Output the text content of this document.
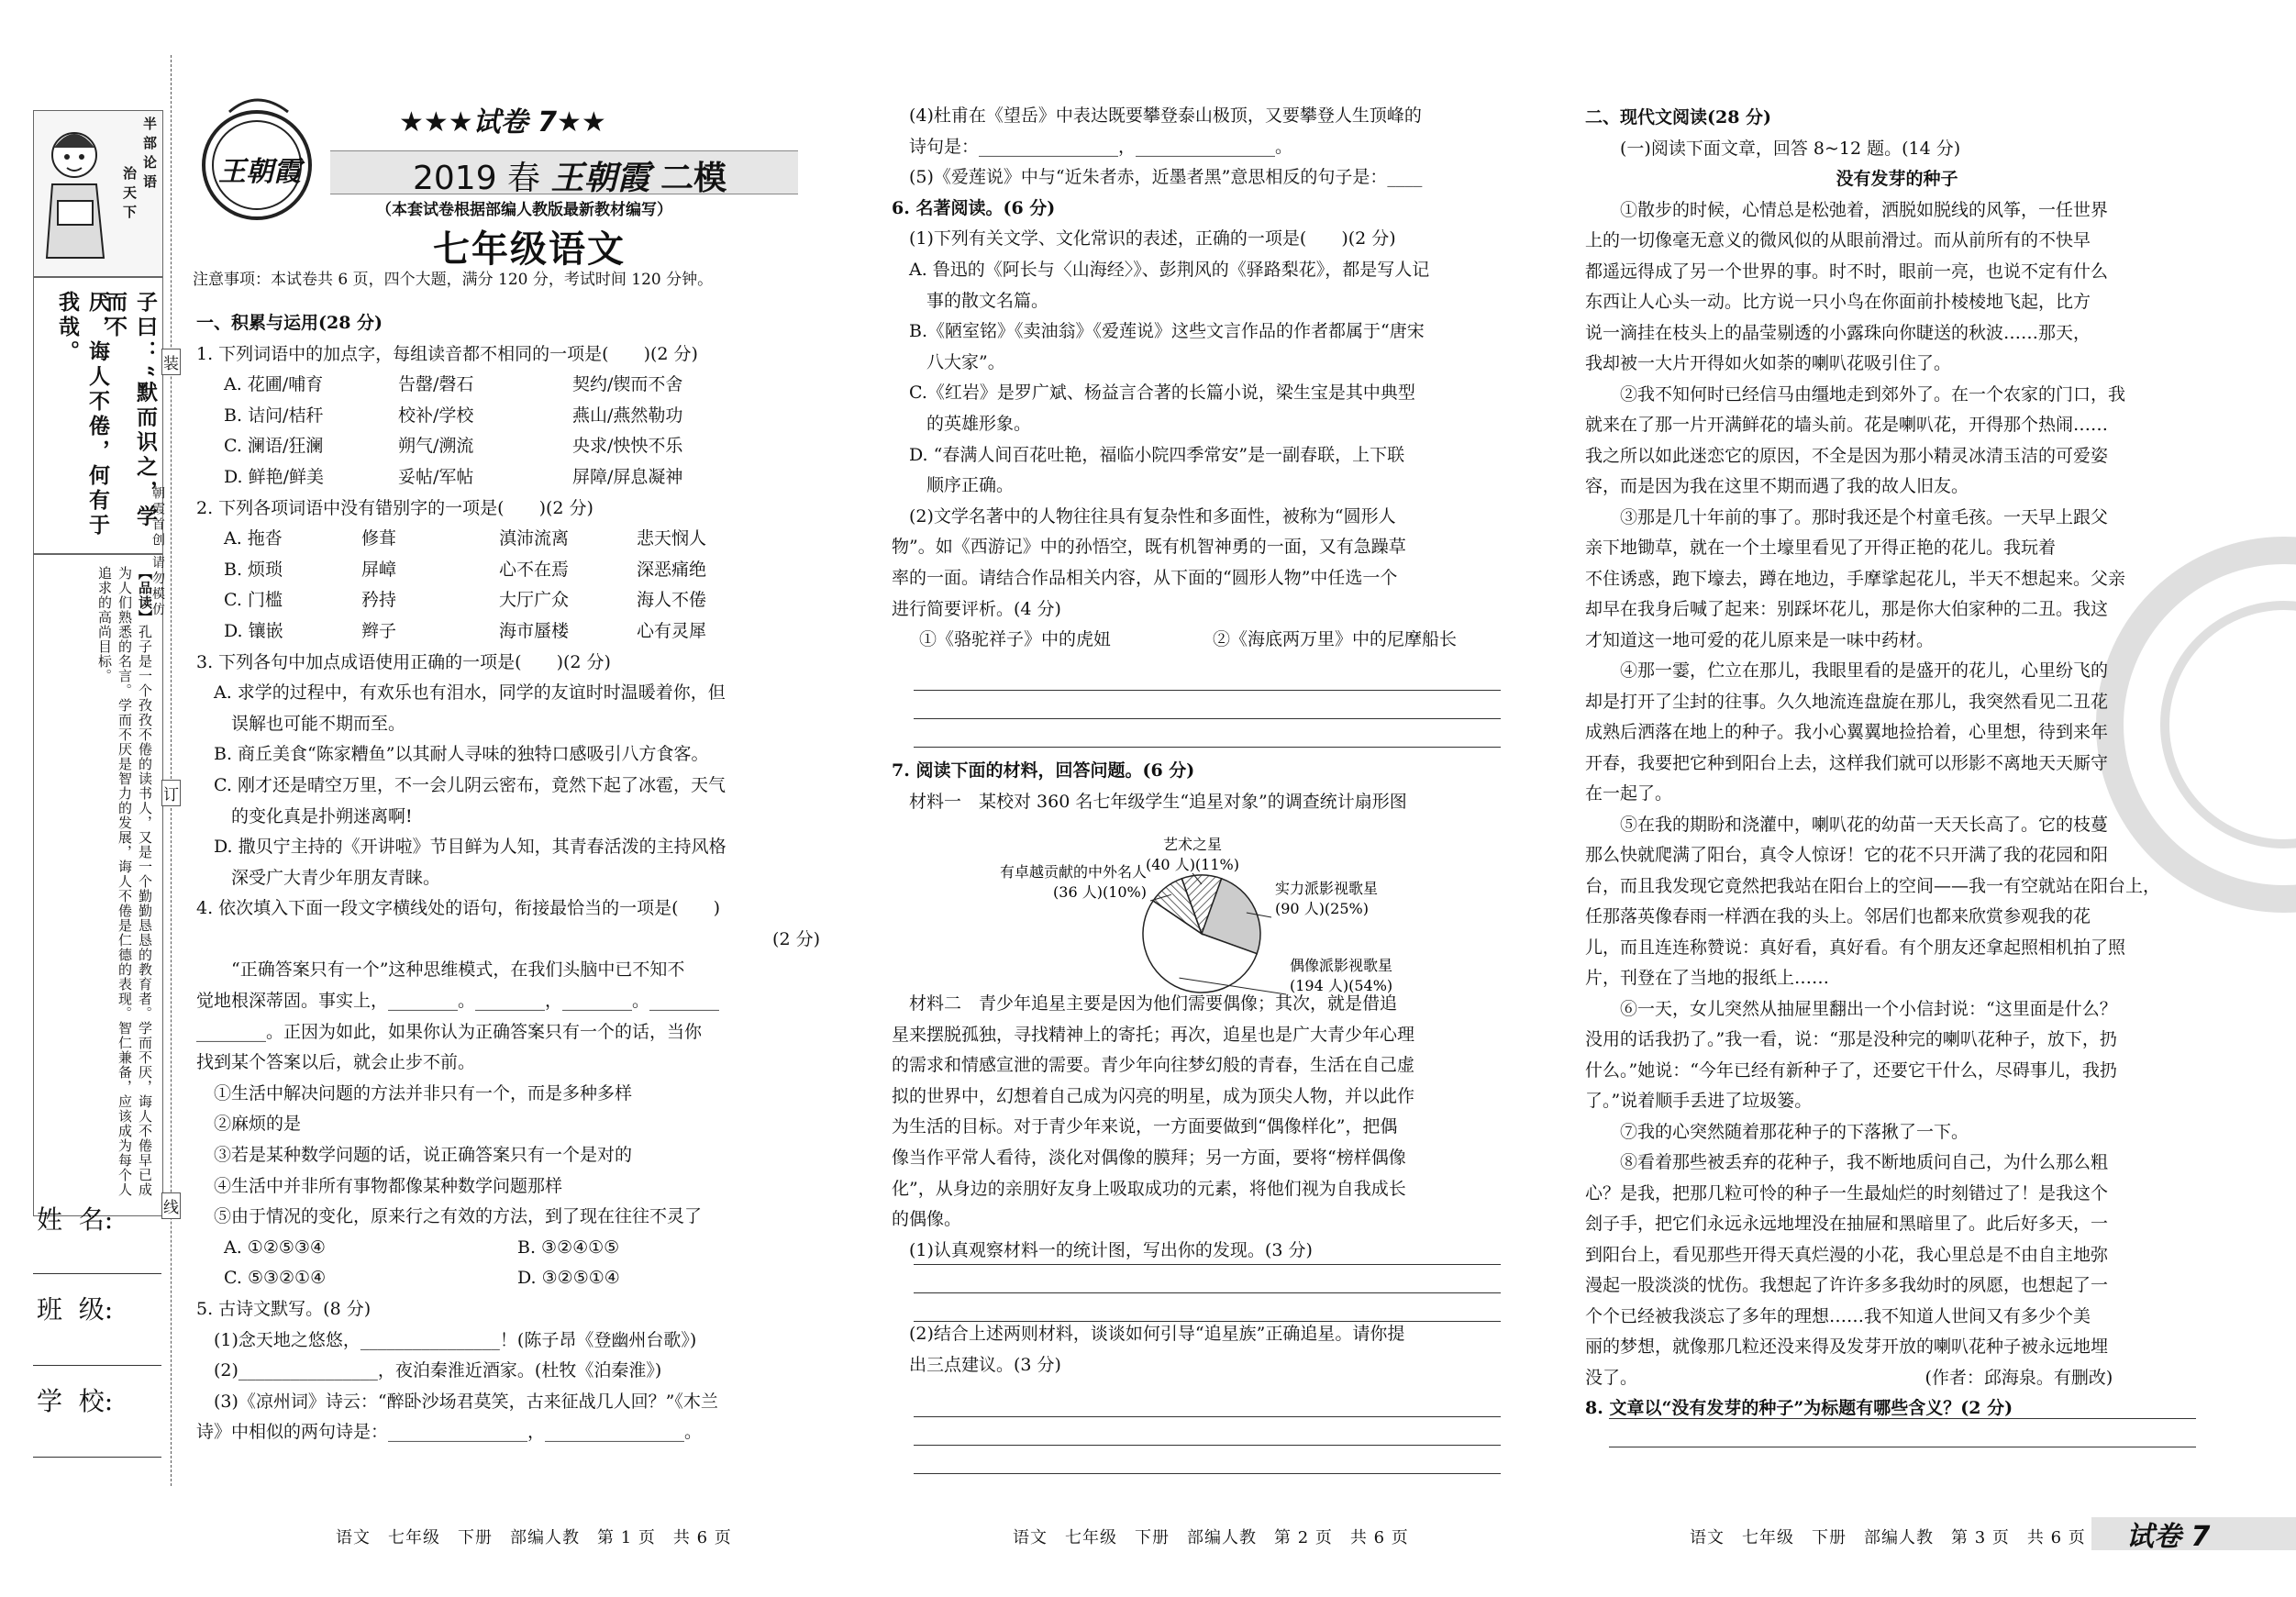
半部论语
治天下
子曰：“默而识之，学而不
厌，诲人不倦，何有于我哉。
【品读】孔子是一个孜孜不倦的读书人，又是一个勤勤恳恳的教育者。学而不厌，诲人不倦早已成为人们熟悉的名言。学而不厌是智力的发展，诲人不倦是仁德的表现。智仁兼备，应该成为每个人追求的高尚目标。
朝霞首创 请勿模仿
姓  名:
班  级:
学  校:
装
订
线
王朝霞
★★★试卷 7★★
2019 春 王朝霞 二模
（本套试卷根据部编人教版最新教材编写）
七年级语文
注意事项：本试卷共 6 页，四个大题，满分 120 分，考试时间 120 分钟。
一、积累与运用(28 分)
1. 下列词语中的加点字，每组读音都不相同的一项是(　　)(2 分)
A. 花圃/哺育	告罄/磬石	契约/锲而不舍
B. 诘问/桔秆	校补/学校	燕山/燕然勒功
C. 澜语/狂澜	朔气/溯流	央求/怏怏不乐
D. 鲜艳/鲜美	妥帖/军帖	屏障/屏息凝神
2. 下列各项词语中没有错别字的一项是(　　)(2 分)
A. 拖沓	修葺	滇沛流离	悲天悯人
B. 烦琐	屏嶂	心不在焉	深恶痛绝
C. 门槛	矜持	大厅广众	海人不倦
D. 镶嵌	辫子	海市蜃楼	心有灵犀
3. 下列各句中加点成语使用正确的一项是(　　)(2 分)
A. 求学的过程中，有欢乐也有泪水，同学的友谊时时温暖着你，但
误解也可能不期而至。
B. 商丘美食“陈家糟鱼”以其耐人寻味的独特口感吸引八方食客。
C. 刚才还是晴空万里，不一会儿阴云密布，竟然下起了冰雹，天气
的变化真是扑朔迷离啊!
D. 撒贝宁主持的《开讲啦》节目鲜为人知，其青春活泼的主持风格
深受广大青少年朋友青睐。
4. 依次填入下面一段文字横线处的语句，衔接最恰当的一项是(　　)
(2 分)
“正确答案只有一个”这种思维模式，在我们头脑中已不知不
觉地根深蒂固。事实上，________。________，________。________
________。正因为如此，如果你认为正确答案只有一个的话，当你
找到某个答案以后，就会止步不前。
①生活中解决问题的方法并非只有一个，而是多种多样
②麻烦的是
③若是某种数学问题的话，说正确答案只有一个是对的
④生活中并非所有事物都像某种数学问题那样
⑤由于情况的变化，原来行之有效的方法，到了现在往往不灵了
A. ①②⑤③④	B. ③②④①⑤
C. ⑤③②①④	D. ③②⑤①④
5. 古诗文默写。(8 分)
(1)念天地之悠悠，________________！(陈子昂《登幽州台歌》)
(2)________________，夜泊秦淮近酒家。(杜牧《泊秦淮》)
(3)《凉州词》诗云：“醉卧沙场君莫笑，古来征战几人回？”《木兰
诗》中相似的两句诗是：________________，________________。
(4)杜甫在《望岳》中表达既要攀登泰山极顶，又要攀登人生顶峰的
诗句是：________________，________________。
(5)《爱莲说》中与“近朱者赤，近墨者黑”意思相反的句子是：____
6. 名著阅读。(6 分)
(1)下列有关文学、文化常识的表述，正确的一项是(　　)(2 分)
A. 鲁迅的《阿长与〈山海经〉》、彭荆风的《驿路梨花》，都是写人记
事的散文名篇。
B.《陋室铭》《卖油翁》《爱莲说》这些文言作品的作者都属于“唐宋
八大家”。
C.《红岩》是罗广斌、杨益言合著的长篇小说，梁生宝是其中典型
的英雄形象。
D. “春满人间百花吐艳，福临小院四季常安”是一副春联，上下联
顺序正确。
(2)文学名著中的人物往往具有复杂性和多面性，被称为“圆形人
物”。如《西游记》中的孙悟空，既有机智神勇的一面，又有急躁草
率的一面。请结合作品相关内容，从下面的“圆形人物”中任选一个
进行简要评析。(4 分)
①《骆驼祥子》中的虎妞	②《海底两万里》中的尼摩船长
7. 阅读下面的材料，回答问题。(6 分)
材料一　某校对 360 名七年级学生“追星对象”的调查统计扇形图
艺术之星
(40 人)(11%)
实力派影视歌星
(90 人)(25%)
偶像派影视歌星
(194 人)(54%)
有卓越贡献的中外名人
(36 人)(10%)
材料二　青少年追星主要是因为他们需要偶像；其次，就是借追
星来摆脱孤独，寻找精神上的寄托；再次，追星也是广大青少年心理
的需求和情感宣泄的需要。青少年向往梦幻般的青春，生活在自己虚
拟的世界中，幻想着自己成为闪亮的明星，成为顶尖人物，并以此作
为生活的目标。对于青少年来说，一方面要做到“偶像样化”，把偶
像当作平常人看待，淡化对偶像的膜拜；另一方面，要将“榜样偶像
化”，从身边的亲朋好友身上吸取成功的元素，将他们视为自我成长
的偶像。
(1)认真观察材料一的统计图，写出你的发现。(3 分)
(2)结合上述两则材料，谈谈如何引导“追星族”正确追星。请你提
出三点建议。(3 分)
二、现代文阅读(28 分)
(一)阅读下面文章，回答 8~12 题。(14 分)
没有发芽的种子
①散步的时候，心情总是松弛着，洒脱如脱线的风筝，一任世界
上的一切像毫无意义的微风似的从眼前滑过。而从前所有的不快早
都遥远得成了另一个世界的事。时不时，眼前一亮，也说不定有什么
东西让人心头一动。比方说一只小鸟在你面前扑棱棱地飞起，比方
说一滴挂在枝头上的晶莹剔透的小露珠向你睫送的秋波……那天，
我却被一大片开得如火如荼的喇叭花吸引住了。
②我不知何时已经信马由缰地走到郊外了。在一个农家的门口，我
就来在了那一片开满鲜花的墙头前。花是喇叭花，开得那个热闹……
我之所以如此迷恋它的原因，不全是因为那小精灵冰清玉洁的可爱姿
容，而是因为我在这里不期而遇了我的故人旧友。
③那是几十年前的事了。那时我还是个村童毛孩。一天早上跟父
亲下地锄草，就在一个土壕里看见了开得正艳的花儿。我玩着
不住诱惑，跑下壕去，蹲在地边，手摩挲起花儿，半天不想起来。父亲
却早在我身后喊了起来：别踩坏花儿，那是你大伯家种的二丑。我这
才知道这一地可爱的花儿原来是一味中药材。
④那一霎，伫立在那儿，我眼里看的是盛开的花儿，心里纷飞的
却是打开了尘封的往事。久久地流连盘旋在那儿，我突然看见二丑花
成熟后洒落在地上的种子。我小心翼翼地捡拾着，心里想，待到来年
开春，我要把它种到阳台上去，这样我们就可以形影不离地天天厮守
在一起了。
⑤在我的期盼和浇灌中，喇叭花的幼苗一天天长高了。它的枝蔓
那么快就爬满了阳台，真令人惊讶！它的花不只开满了我的花园和阳
台，而且我发现它竟然把我站在阳台上的空间——我一有空就站在阳台上，
任那落英像春雨一样洒在我的头上。邻居们也都来欣赏参观我的花
儿，而且连连称赞说：真好看，真好看。有个朋友还拿起照相机拍了照
片，刊登在了当地的报纸上……
⑥一天，女儿突然从抽屉里翻出一个小信封说：“这里面是什么？
没用的话我扔了。”我一看，说：“那是没种完的喇叭花种子，放下，扔
什么。”她说：“今年已经有新种子了，还要它干什么，尽碍事儿，我扔
了。”说着顺手丢进了垃圾篓。
⑦我的心突然随着那花种子的下落揪了一下。
⑧看着那些被丢弃的花种子，我不断地质问自己，为什么那么粗
心？是我，把那几粒可怜的种子一生最灿烂的时刻错过了！是我这个
刽子手，把它们永远永远地埋没在抽屉和黑暗里了。此后好多天，一
到阳台上，看见那些开得天真烂漫的小花，我心里总是不由自主地弥
漫起一股淡淡的忧伤。我想起了许许多多我幼时的夙愿，也想起了一
个个已经被我淡忘了多年的理想……我不知道人世间又有多少个美
丽的梦想，就像那几粒还没来得及发芽开放的喇叭花种子被永远地埋
没了。　　　　　　　　　　　　　　　　　(作者：邱海泉。有删改)
8. 文章以“没有发芽的种子”为标题有哪些含义？(2 分)
语文　七年级　下册　部编人教　第 1 页　共 6 页	语文　七年级　下册　部编人教　第 2 页　共 6 页	语文　七年级　下册　部编人教　第 3 页　共 6 页 试卷 7
